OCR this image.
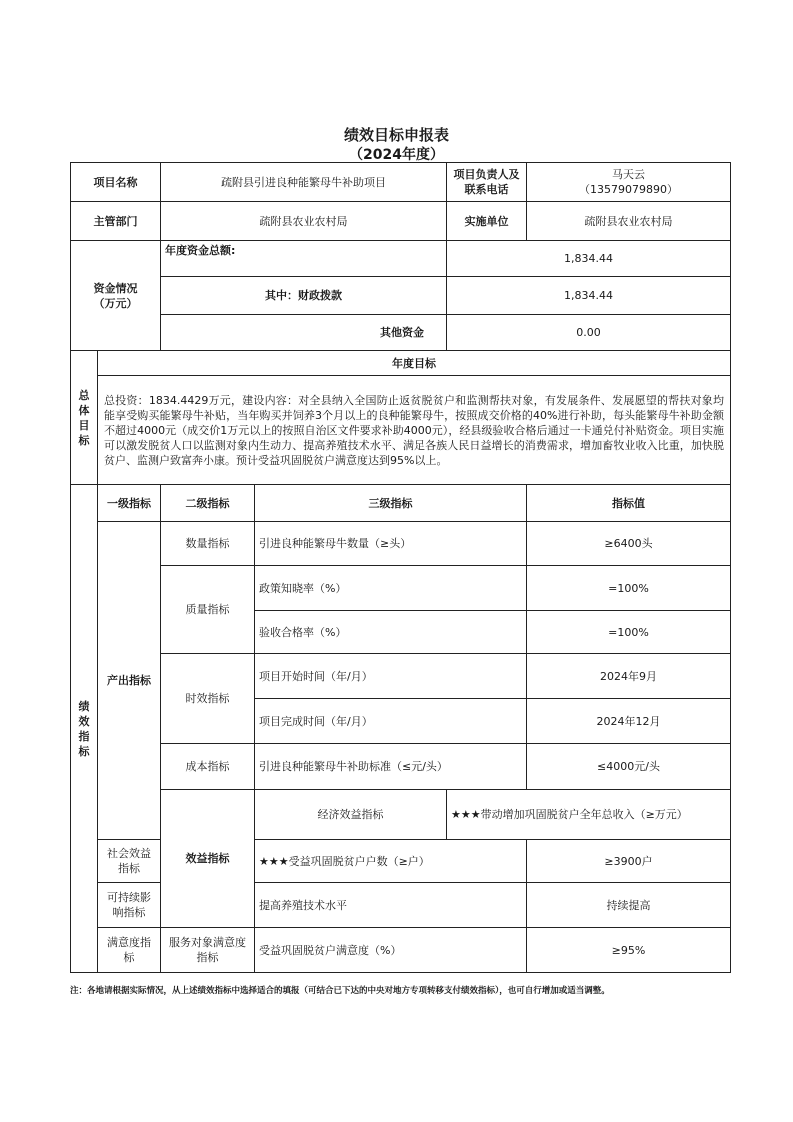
绩效目标申报表
（2024年度）
项目名称		疏附县引进良种能繁母牛补助项目		项目负责人及联系电话	马天云
（13579079890）	

主管部门		疏附县农业农村局		实施单位	疏附县农业农村局	

资金情况
（万元）		年度资金总额:		1,834.44		
		其中：财政拨款		1,834.44		
		其他资金		0.00		

总
体
目
标	年度目标					
	总投资：1834.4429万元，建设内容：对全县纳入全国防止返贫脱贫户和监测帮扶对象，有发展条件、发展愿望的帮扶对象均能享受购买能繁母牛补贴，当年购买并饲养3个月以上的良种能繁母牛，按照成交价格的40%进行补助，每头能繁母牛补助金额不超过4000元（成交价1万元以上的按照自治区文件要求补助4000元），经县级验收合格后通过一卡通兑付补贴资金。项目实施可以激发脱贫人口以监测对象内生动力、提高养殖技术水平、满足各族人民日益增长的消费需求，增加畜牧业收入比重，加快脱贫户、监测户致富奔小康。预计受益巩固脱贫户满意度达到95%以上。					

绩
效
指
标	一级指标	二级指标	三级指标		指标值	
	产出指标	数量指标	引进良种能繁母牛数量（≥头）		≥6400头	
		质量指标	政策知晓率（%）		=100%	
			验收合格率（%）		=100%	
		时效指标	项目开始时间（年/月）		2024年9月	
			项目完成时间（年/月）		2024年12月	
		成本指标	引进良种能繁母牛补助标准（≤元/头）		≤4000元/头	
		效益指标	经济效益指标	★★★带动增加巩固脱贫户全年总收入（≥万元）	
	社会效益指标		★★★受益巩固脱贫户户数（≥户）		≥3900户	
	可持续影响指标		提高养殖技术水平		持续提高	
	满意度指标	服务对象满意度指标	受益巩固脱贫户满意度（%）		≥95%	
注：各地请根据实际情况，从上述绩效指标中选择适合的填报（可结合已下达的中央对地方专项转移支付绩效指标），也可自行增加或适当调整。
